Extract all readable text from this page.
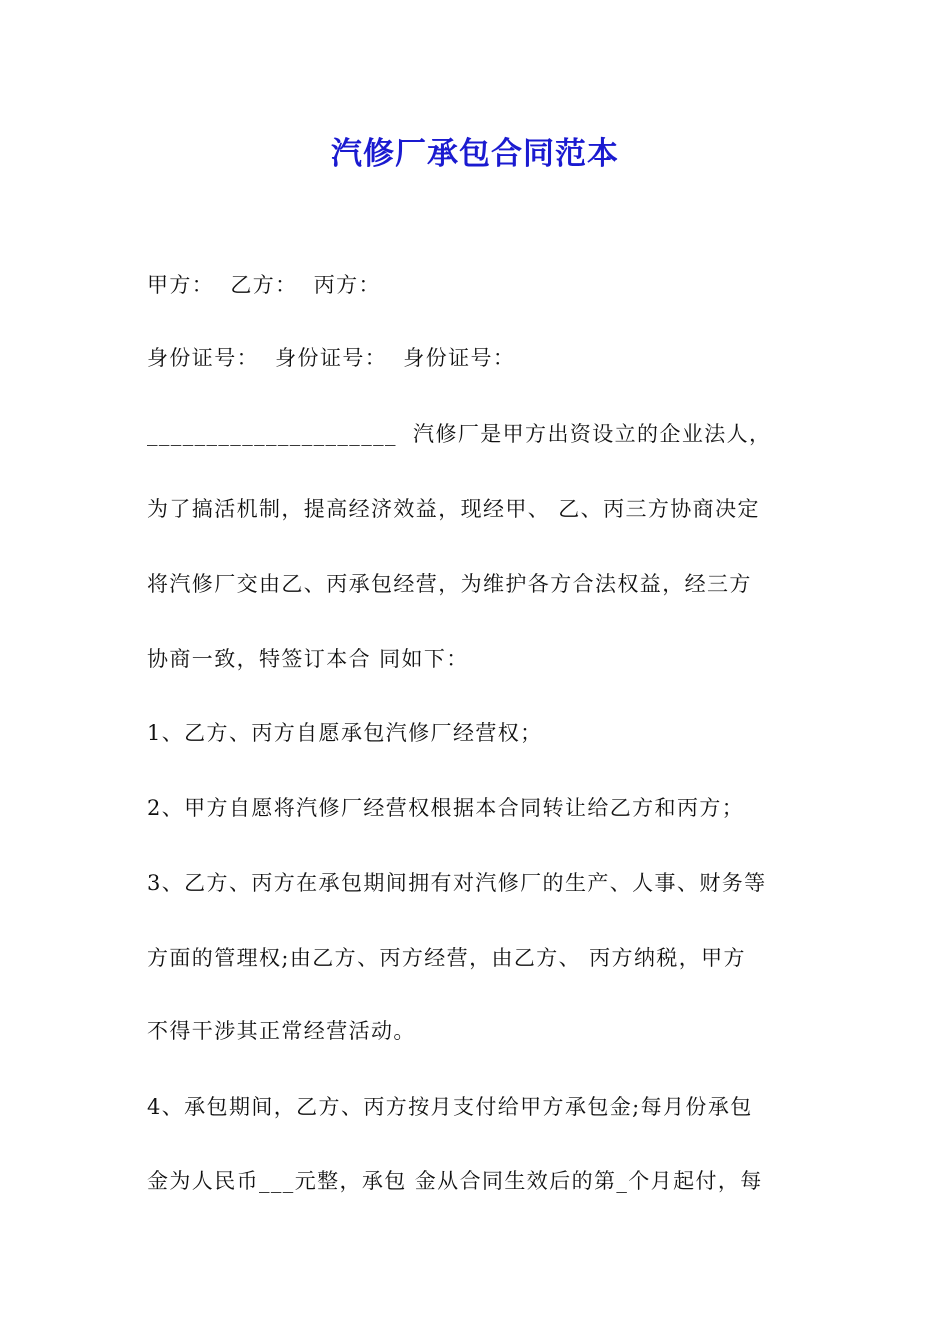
汽修厂承包合同范本
甲方：  乙方：  丙方：
身份证号：  身份证号：  身份证号：
_____________________  汽修厂是甲方出资设立的企业法人，
为了搞活机制，提高经济效益，现经甲、 乙、丙三方协商决定
将汽修厂交由乙、丙承包经营，为维护各方合法权益，经三方
协商一致，特签订本合 同如下：
1、乙方、丙方自愿承包汽修厂经营权；
2、甲方自愿将汽修厂经营权根据本合同转让给乙方和丙方；
3、乙方、丙方在承包期间拥有对汽修厂的生产、人事、财务等
方面的管理权;由乙方、丙方经营，由乙方、 丙方纳税，甲方
不得干涉其正常经营活动。
4、承包期间，乙方、丙方按月支付给甲方承包金;每月份承包
金为人民币___元整，承包 金从合同生效后的第_个月起付，每
